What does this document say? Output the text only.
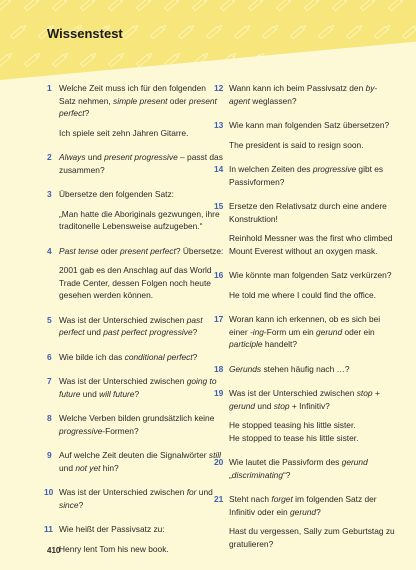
Wissenstest
1 Welche Zeit muss ich für den folgenden Satz nehmen, simple present oder present perfect?
Ich spiele seit zehn Jahren Gitarre.
2 Always und present progressive – passt das zusammen?
3 Übersetze den folgenden Satz:
„Man hatte die Aboriginals gezwungen, ihre traditonelle Lebensweise aufzugeben.“
4 Past tense oder present perfect? Übersetze:
2001 gab es den Anschlag auf das World Trade Center, dessen Folgen noch heute gesehen werden können.
5 Was ist der Unterschied zwischen past perfect und past perfect progressive?
6 Wie bilde ich das conditional perfect?
7 Was ist der Unterschied zwischen going to future und will future?
8 Welche Verben bilden grundsätzlich keine progressive-Formen?
9 Auf welche Zeit deuten die Signalwörter still und not yet hin?
10 Was ist der Unterschied zwischen for und since?
11 Wie heißt der Passivsatz zu:
Henry lent Tom his new book.
12 Wann kann ich beim Passivsatz den by-agent weglassen?
13 Wie kann man folgenden Satz übersetzen?
The president is said to resign soon.
14 In welchen Zeiten des progressive gibt es Passivformen?
15 Ersetze den Relativsatz durch eine andere Konstruktion!
Reinhold Messner was the first who climbed Mount Everest without an oxygen mask.
16 Wie könnte man folgenden Satz verkürzen?
He told me where I could find the office.
17 Woran kann ich erkennen, ob es sich bei einer -ing-Form um ein gerund oder ein participle handelt?
18 Gerunds stehen häufig nach …?
19 Was ist der Unterschied zwischen stop + gerund und stop + Infinitiv?
He stopped teasing his little sister.
He stopped to tease his little sister.
20 Wie lautet die Passivform des gerund „discriminating“?
21 Steht nach forget im folgenden Satz der Infinitiv oder ein gerund?
Hast du vergessen, Sally zum Geburtstag zu gratulieren?
410
